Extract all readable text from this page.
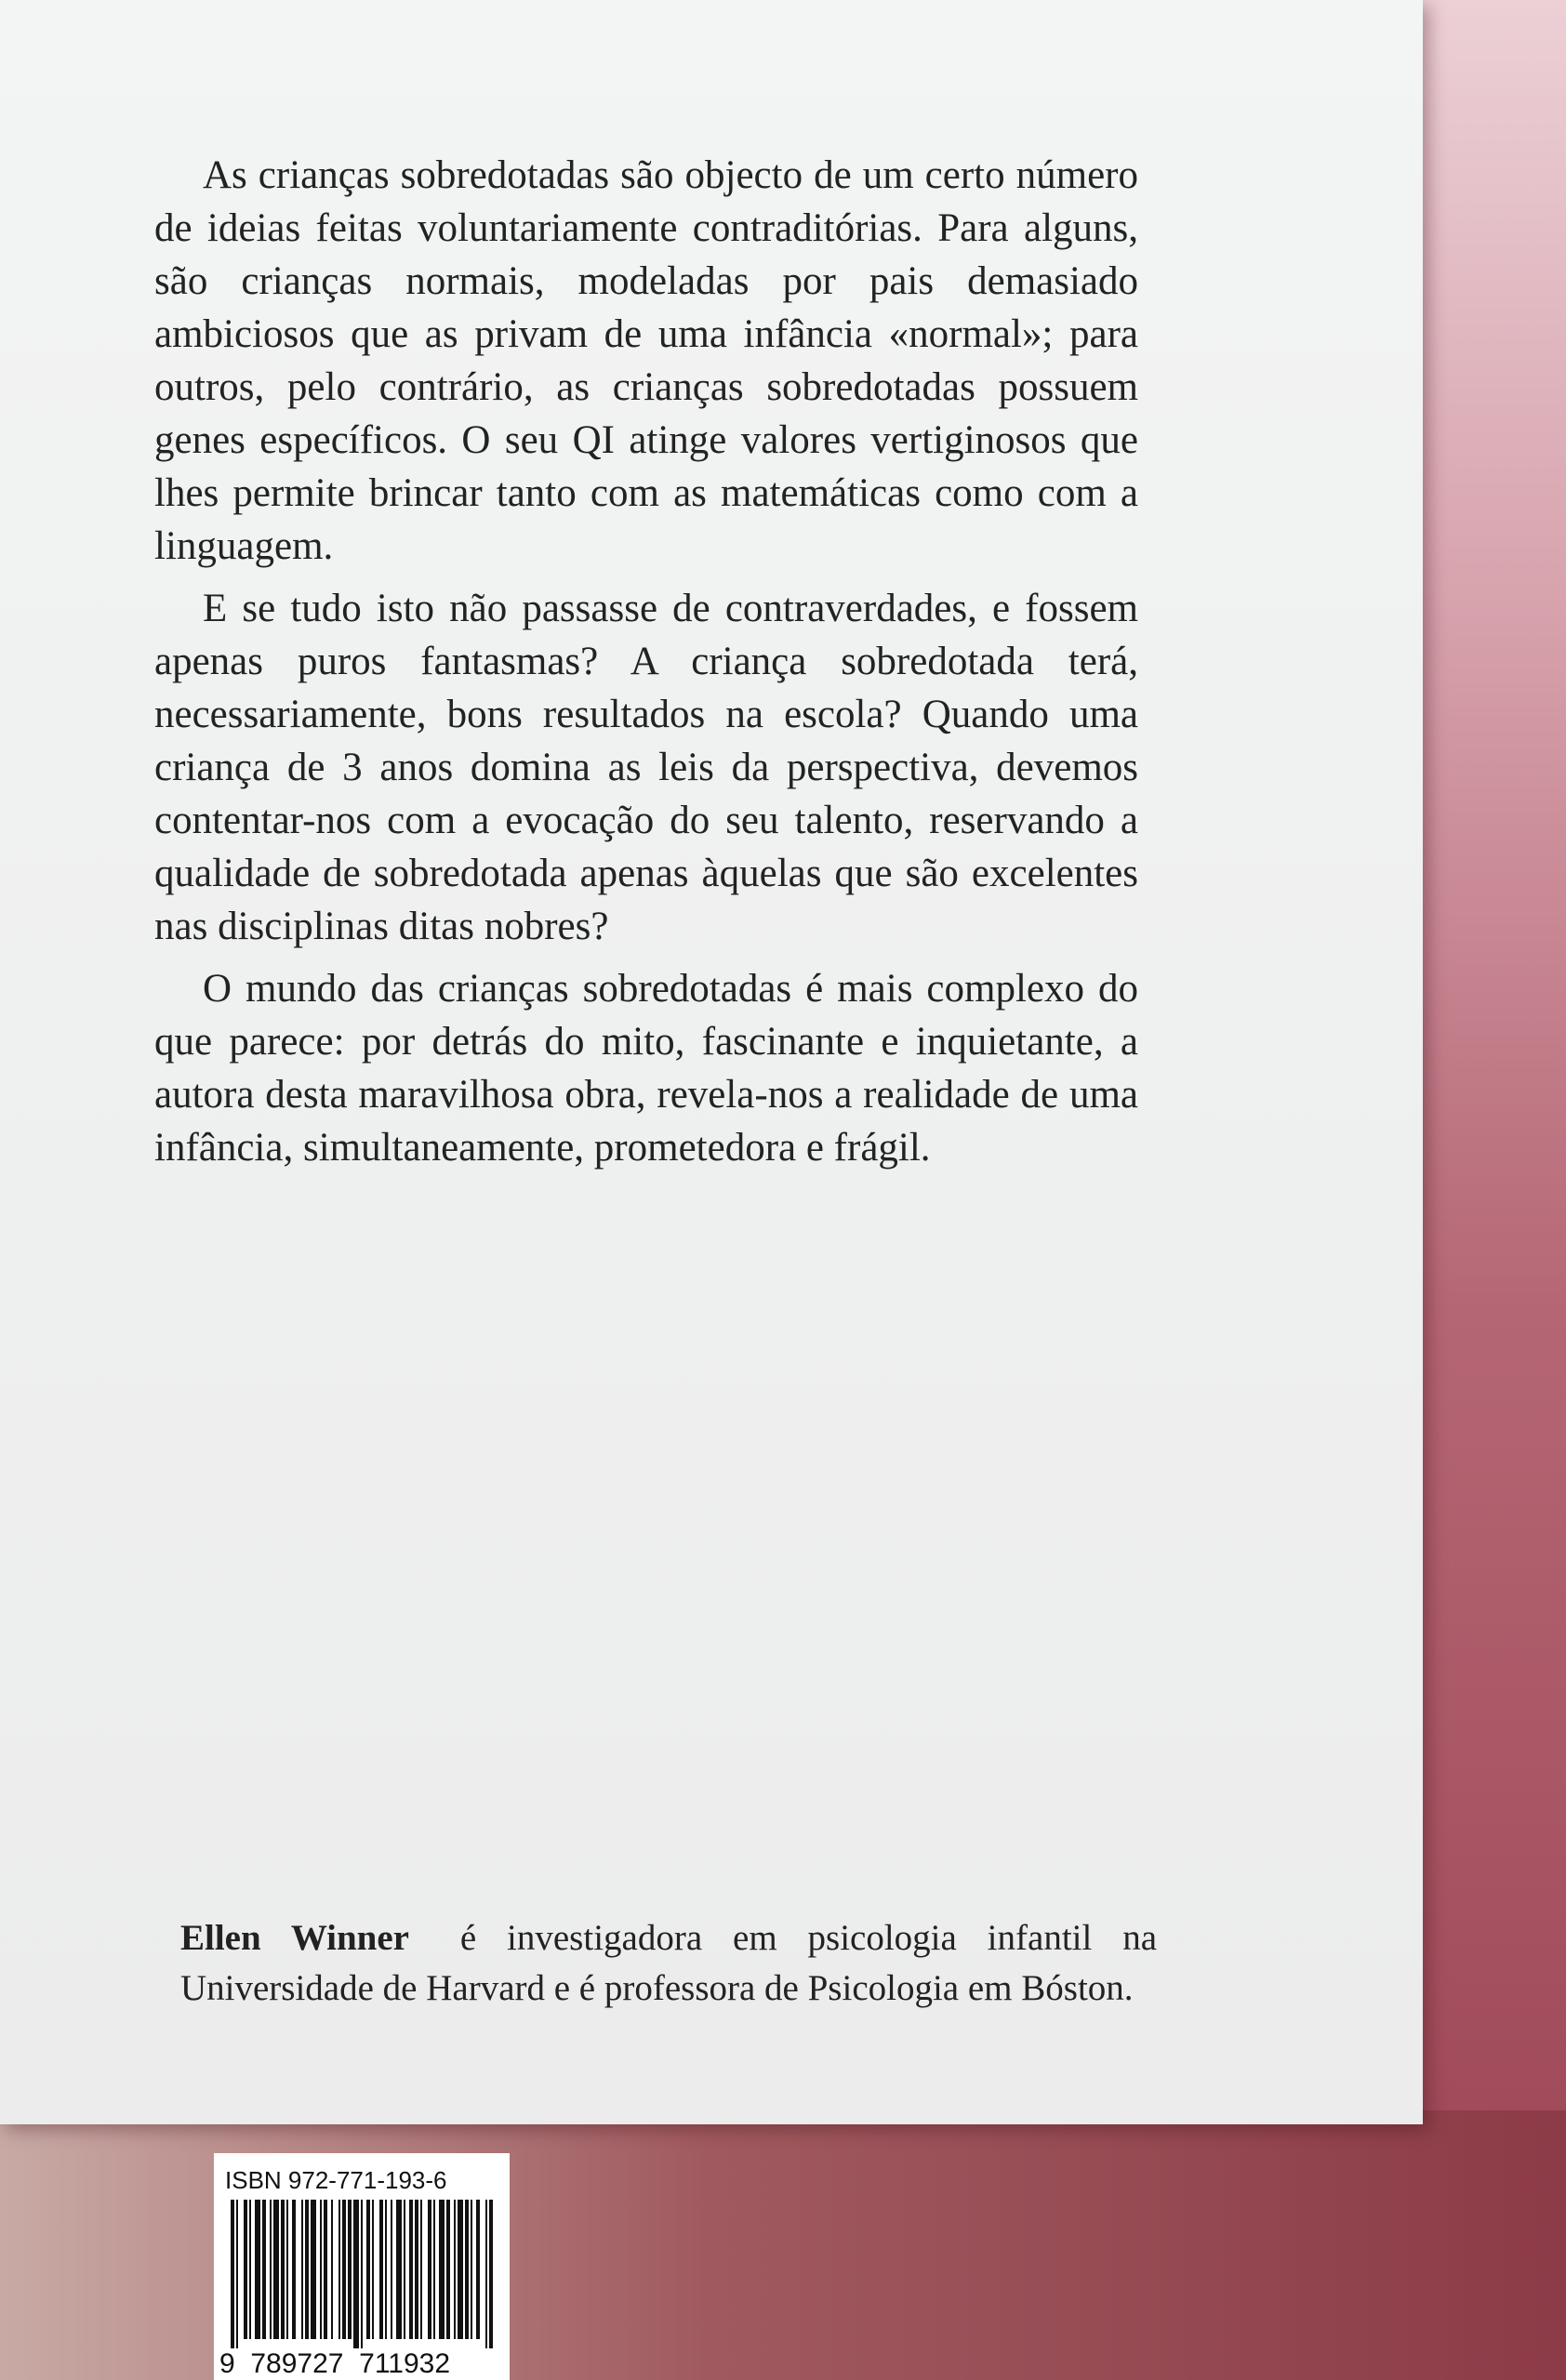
As crianças sobredotadas são objecto de um certo número de ideias feitas voluntariamente contraditórias. Para alguns, são crianças normais, modeladas por pais demasiado ambiciosos que as privam de uma infância «normal»; para outros, pelo contrário, as crianças sobredotadas possuem genes específicos. O seu QI atinge valores vertiginosos que lhes permite brincar tanto com as matemáticas como com a linguagem.

E se tudo isto não passasse de contraverdades, e fossem apenas puros fantasmas? A criança sobredotada terá, necessariamente, bons resultados na escola? Quando uma criança de 3 anos domina as leis da perspectiva, devemos contentar-nos com a evocação do seu talento, reservando a qualidade de sobredotada apenas àquelas que são excelentes nas disciplinas ditas nobres?

O mundo das crianças sobredotadas é mais complexo do que parece: por detrás do mito, fascinante e inquietante, a autora desta maravilhosa obra, revela-nos a realidade de uma infância, simultaneamente, prometedora e frágil.

Ellen Winner é investigadora em psicologia infantil na Universidade de Harvard e é professora de Psicologia em Bóston.
ISBN 972-771-193-6
9 789727 711932
